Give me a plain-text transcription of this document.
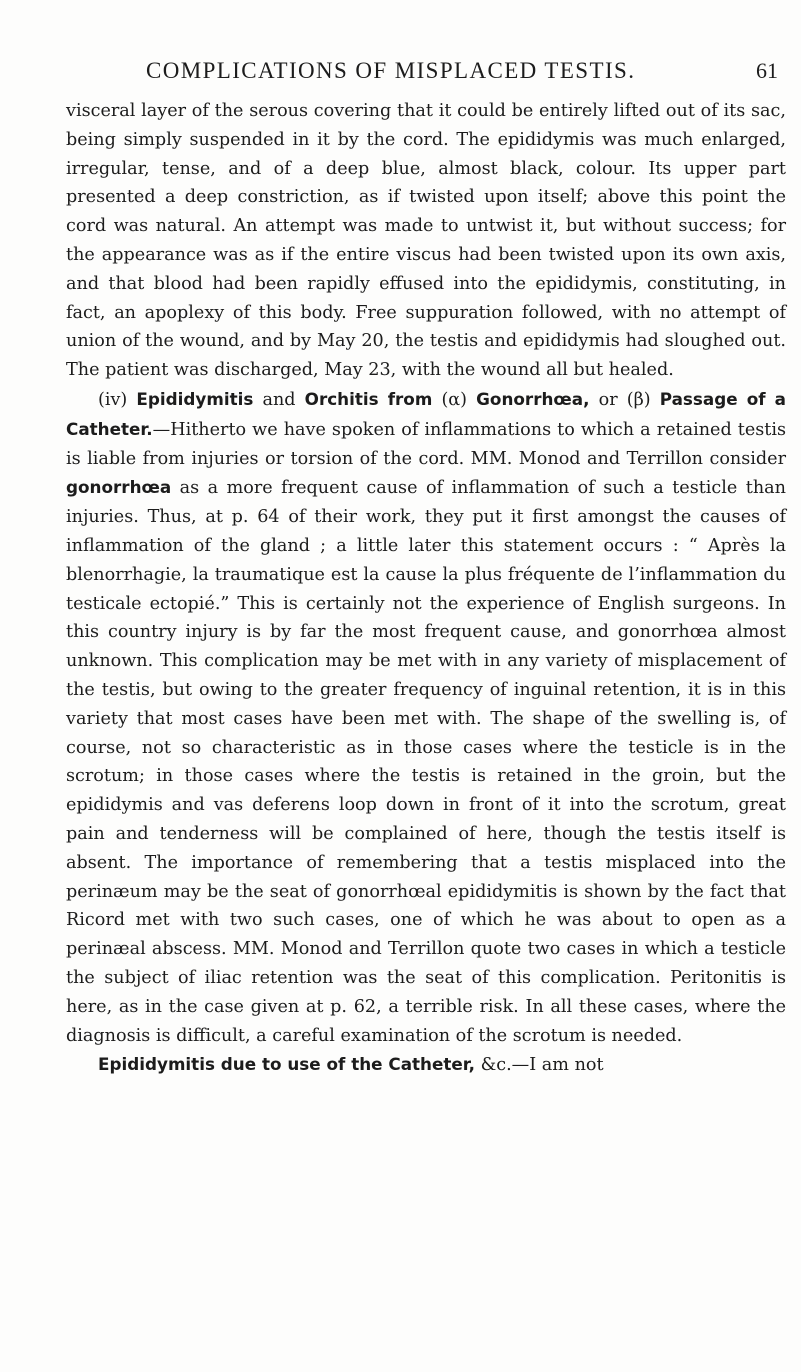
COMPLICATIONS OF MISPLACED TESTIS.	61

visceral layer of the serous covering that it could be entirely lifted out of its sac, being simply suspended in it by the cord. The epididymis was much enlarged, irregular, tense, and of a deep blue, almost black, colour. Its upper part presented a deep constriction, as if twisted upon itself; above this point the cord was natural. An attempt was made to untwist it, but without success; for the appearance was as if the entire viscus had been twisted upon its own axis, and that blood had been rapidly effused into the epididymis, constituting, in fact, an apoplexy of this body. Free suppuration followed, with no attempt of union of the wound, and by May 20, the testis and epididymis had sloughed out. The patient was discharged, May 23, with the wound all but healed.

(iv) Epididymitis and Orchitis from (α) Gonorrhœa, or (β) Passage of a Catheter.—Hitherto we have spoken of inflammations to which a retained testis is liable from injuries or torsion of the cord. MM. Monod and Terrillon consider gonorrhœa as a more frequent cause of inflammation of such a testicle than injuries. Thus, at p. 64 of their work, they put it first amongst the causes of inflammation of the gland ; a little later this statement occurs : “ Après la blenorrhagie, la traumatique est la cause la plus fréquente de l’inflammation du testicale ectopié.” This is certainly not the experience of English surgeons. In this country injury is by far the most frequent cause, and gonorrhœa almost unknown. This complication may be met with in any variety of misplacement of the testis, but owing to the greater frequency of inguinal retention, it is in this variety that most cases have been met with. The shape of the swelling is, of course, not so characteristic as in those cases where the testicle is in the scrotum; in those cases where the testis is retained in the groin, but the epididymis and vas deferens loop down in front of it into the scrotum, great pain and tenderness will be complained of here, though the testis itself is absent. The importance of remembering that a testis misplaced into the perinæum may be the seat of gonorrhœal epididymitis is shown by the fact that Ricord met with two such cases, one of which he was about to open as a perinæal abscess. MM. Monod and Terrillon quote two cases in which a testicle the subject of iliac retention was the seat of this complication. Peritonitis is here, as in the case given at p. 62, a terrible risk. In all these cases, where the diagnosis is difficult, a careful examination of the scrotum is needed.

Epididymitis due to use of the Catheter, &c.—I am not
